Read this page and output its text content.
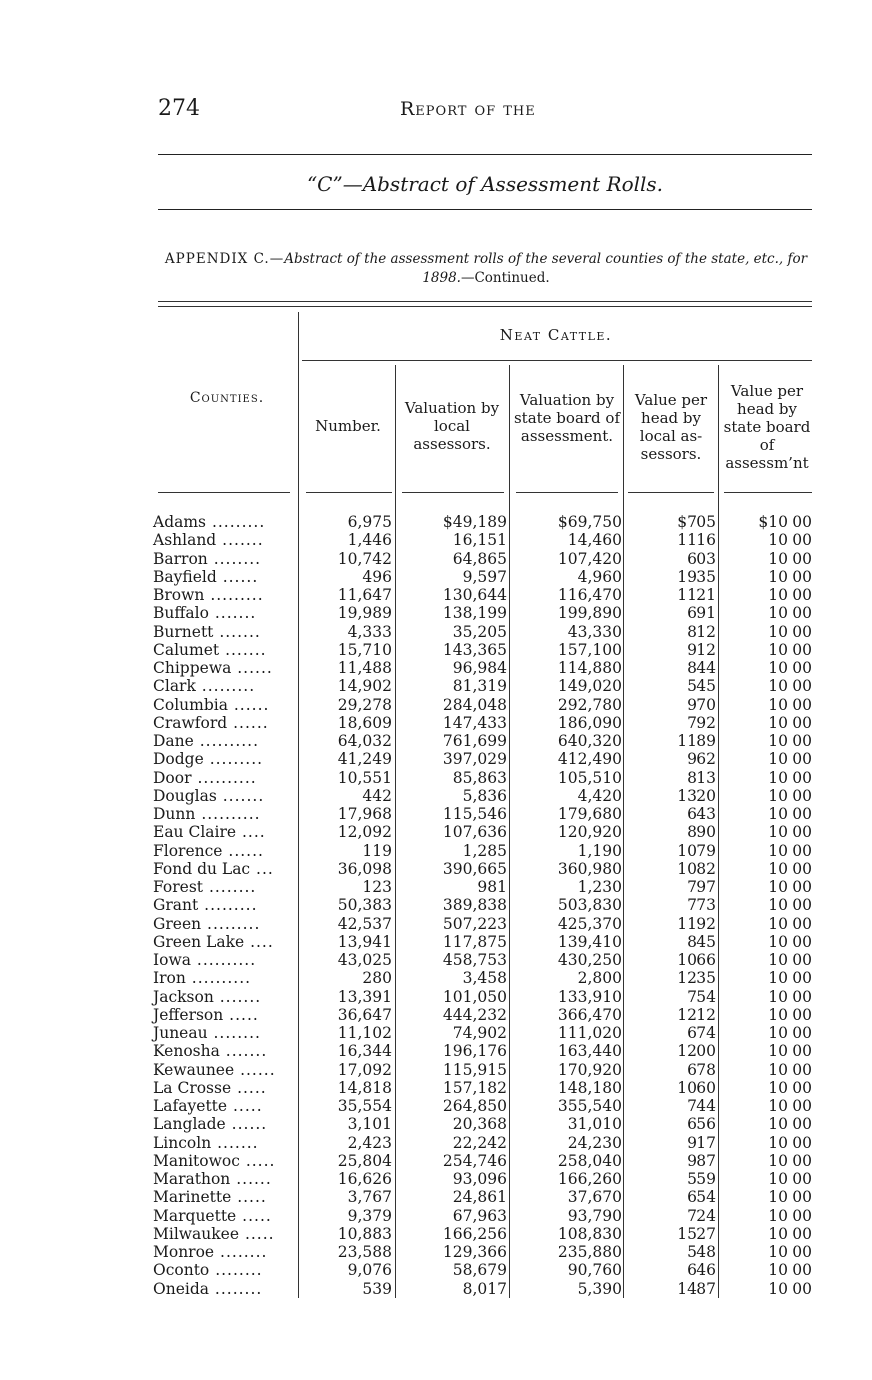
274	Report of the
“C”—Abstract of Assessment Rolls.
APPENDIX C.—Abstract of the assessment rolls of the several counties of the state, etc., for 1898.—Continued.
Neat Cattle.
Counties.
Number.
Valuation by local assessors.
Valuation by state board of assessment.
Value per head by local as- sessors.
Value per head by state board of assessm’nt
Adams .........	6,975	$49,189	$69,750	$7 05	$10 00
Ashland .......	1,446	16,151	14,460	11 16	10 00
Barron ........	10,742	64,865	107,420	6 03	10 00
Bayfield ......	496	9,597	4,960	19 35	10 00
Brown .........	11,647	130,644	116,470	11 21	10 00
Buffalo .......	19,989	138,199	199,890	6 91	10 00
Burnett .......	4,333	35,205	43,330	8 12	10 00
Calumet .......	15,710	143,365	157,100	9 12	10 00
Chippewa ......	11,488	96,984	114,880	8 44	10 00
Clark .........	14,902	81,319	149,020	5 45	10 00
Columbia ......	29,278	284,048	292,780	9 70	10 00
Crawford ......	18,609	147,433	186,090	7 92	10 00
Dane ..........	64,032	761,699	640,320	11 89	10 00
Dodge .........	41,249	397,029	412,490	9 62	10 00
Door ..........	10,551	85,863	105,510	8 13	10 00
Douglas .......	442	5,836	4,420	13 20	10 00
Dunn ..........	17,968	115,546	179,680	6 43	10 00
Eau Claire ....	12,092	107,636	120,920	8 90	10 00
Florence ......	119	1,285	1,190	10 79	10 00
Fond du Lac ...	36,098	390,665	360,980	10 82	10 00
Forest ........	123	981	1,230	7 97	10 00
Grant .........	50,383	389,838	503,830	7 73	10 00
Green .........	42,537	507,223	425,370	11 92	10 00
Green Lake ....	13,941	117,875	139,410	8 45	10 00
Iowa ..........	43,025	458,753	430,250	10 66	10 00
Iron ..........	280	3,458	2,800	12 35	10 00
Jackson .......	13,391	101,050	133,910	7 54	10 00
Jefferson .....	36,647	444,232	366,470	12 12	10 00
Juneau ........	11,102	74,902	111,020	6 74	10 00
Kenosha .......	16,344	196,176	163,440	12 00	10 00
Kewaunee ......	17,092	115,915	170,920	6 78	10 00
La Crosse .....	14,818	157,182	148,180	10 60	10 00
Lafayette .....	35,554	264,850	355,540	7 44	10 00
Langlade ......	3,101	20,368	31,010	6 56	10 00
Lincoln .......	2,423	22,242	24,230	9 17	10 00
Manitowoc .....	25,804	254,746	258,040	9 87	10 00
Marathon ......	16,626	93,096	166,260	5 59	10 00
Marinette .....	3,767	24,861	37,670	6 54	10 00
Marquette .....	9,379	67,963	93,790	7 24	10 00
Milwaukee .....	10,883	166,256	108,830	15 27	10 00
Monroe ........	23,588	129,366	235,880	5 48	10 00
Oconto ........	9,076	58,679	90,760	6 46	10 00
Oneida ........	539	8,017	5,390	14 87	10 00
